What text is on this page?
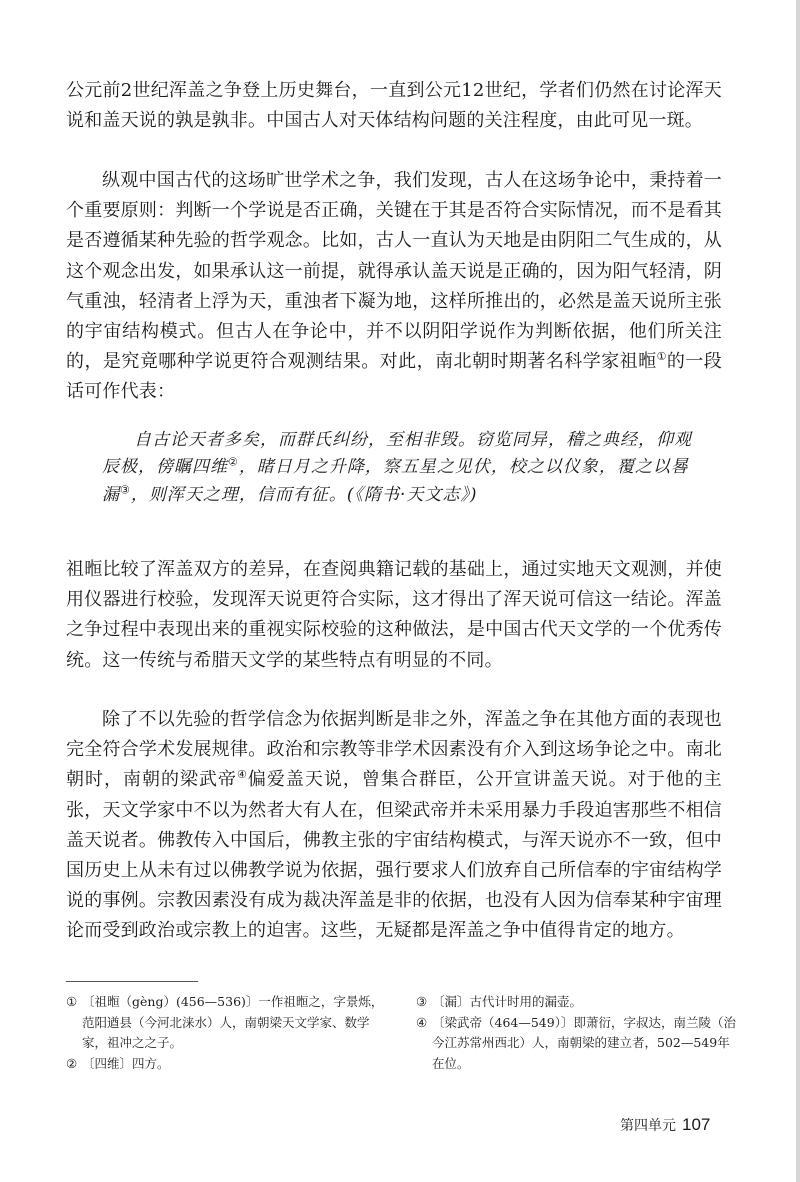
公元前2世纪浑盖之争登上历史舞台，一直到公元12世纪，学者们仍然在讨论浑天说和盖天说的孰是孰非。中国古人对天体结构问题的关注程度，由此可见一斑。

纵观中国古代的这场旷世学术之争，我们发现，古人在这场争论中，秉持着一个重要原则：判断一个学说是否正确，关键在于其是否符合实际情况，而不是看其是否遵循某种先验的哲学观念。比如，古人一直认为天地是由阴阳二气生成的，从这个观念出发，如果承认这一前提，就得承认盖天说是正确的，因为阳气轻清，阴气重浊，轻清者上浮为天，重浊者下凝为地，这样所推出的，必然是盖天说所主张的宇宙结构模式。但古人在争论中，并不以阴阳学说作为判断依据，他们所关注的，是究竟哪种学说更符合观测结果。对此，南北朝时期著名科学家祖暅①的一段话可作代表：

自古论天者多矣，而群氏纠纷，至相非毁。窃览同异，稽之典经，仰观辰极，傍瞩四维②，睹日月之升降，察五星之见伏，校之以仪象，覆之以晷漏③，则浑天之理，信而有征。(《隋书·天文志》)

祖暅比较了浑盖双方的差异，在查阅典籍记载的基础上，通过实地天文观测，并使用仪器进行校验，发现浑天说更符合实际，这才得出了浑天说可信这一结论。浑盖之争过程中表现出来的重视实际校验的这种做法，是中国古代天文学的一个优秀传统。这一传统与希腊天文学的某些特点有明显的不同。

除了不以先验的哲学信念为依据判断是非之外，浑盖之争在其他方面的表现也完全符合学术发展规律。政治和宗教等非学术因素没有介入到这场争论之中。南北朝时，南朝的梁武帝④偏爱盖天说，曾集合群臣，公开宣讲盖天说。对于他的主张，天文学家中不以为然者大有人在，但梁武帝并未采用暴力手段迫害那些不相信盖天说者。佛教传入中国后，佛教主张的宇宙结构模式，与浑天说亦不一致，但中国历史上从未有过以佛教学说为依据，强行要求人们放弃自己所信奉的宇宙结构学说的事例。宗教因素没有成为裁决浑盖是非的依据，也没有人因为信奉某种宇宙理论而受到政治或宗教上的迫害。这些，无疑都是浑盖之争中值得肯定的地方。

① 〔祖暅（gèng）(456—536)〕一作祖暅之，字景烁，范阳遒县（今河北涞水）人，南朝梁天文学家、数学家，祖冲之之子。

② 〔四维〕四方。

③ 〔漏〕古代计时用的漏壶。

④ 〔梁武帝（464—549）〕即萧衍，字叔达，南兰陵（治今江苏常州西北）人，南朝梁的建立者，502—549年在位。

第四单元 107
